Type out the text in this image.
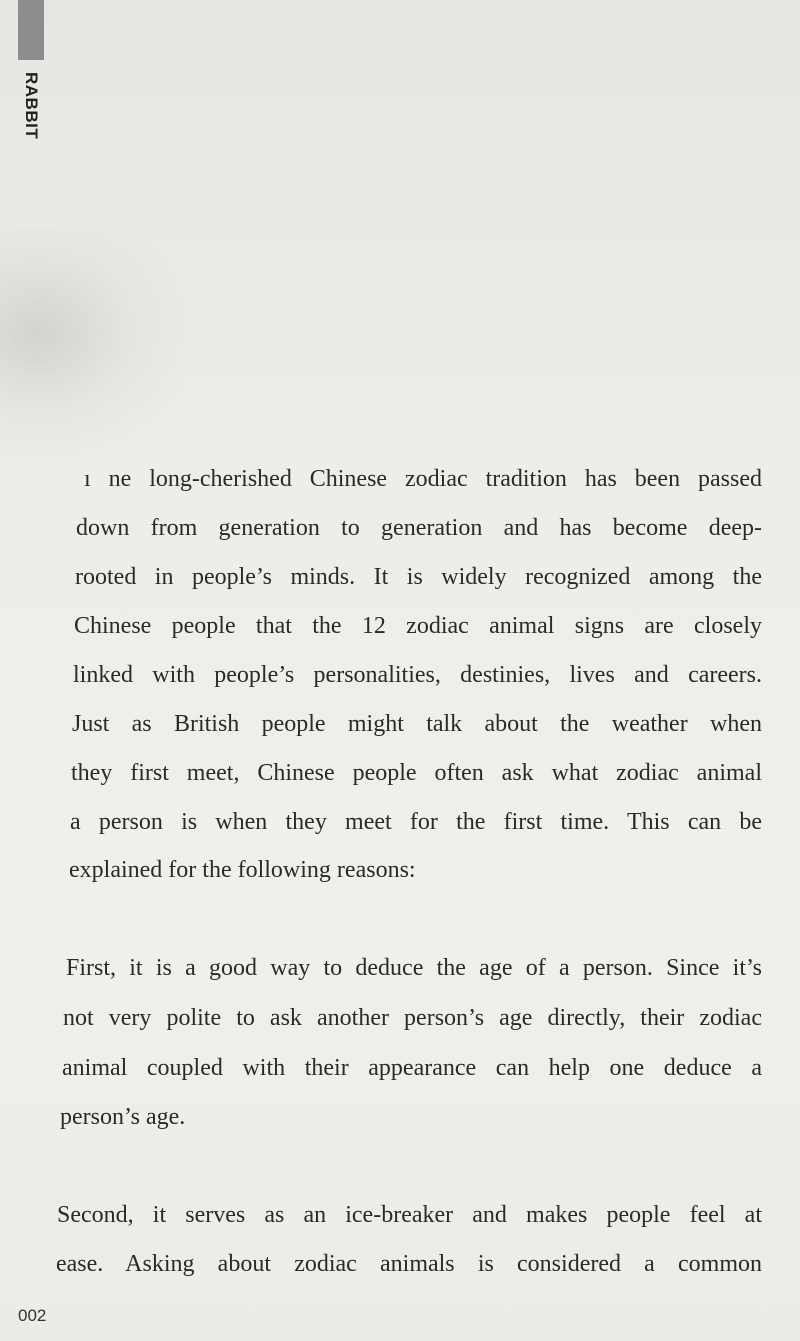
RABBIT
ı ne long-cherished Chinese zodiac tradition has been passed
down from generation to generation and has become deep-
rooted in people’s minds. It is widely recognized among the
Chinese people that the 12 zodiac animal signs are closely
linked with people’s personalities, destinies, lives and careers.
Just as British people might talk about the weather when
they first meet, Chinese people often ask what zodiac animal
a person is when they meet for the first time. This can be
explained for the following reasons:
First, it is a good way to deduce the age of a person. Since it’s
not very polite to ask another person’s age directly, their zodiac
animal coupled with their appearance can help one deduce a
person’s age.
Second, it serves as an ice-breaker and makes people feel at
ease. Asking about zodiac animals is considered a common
002
